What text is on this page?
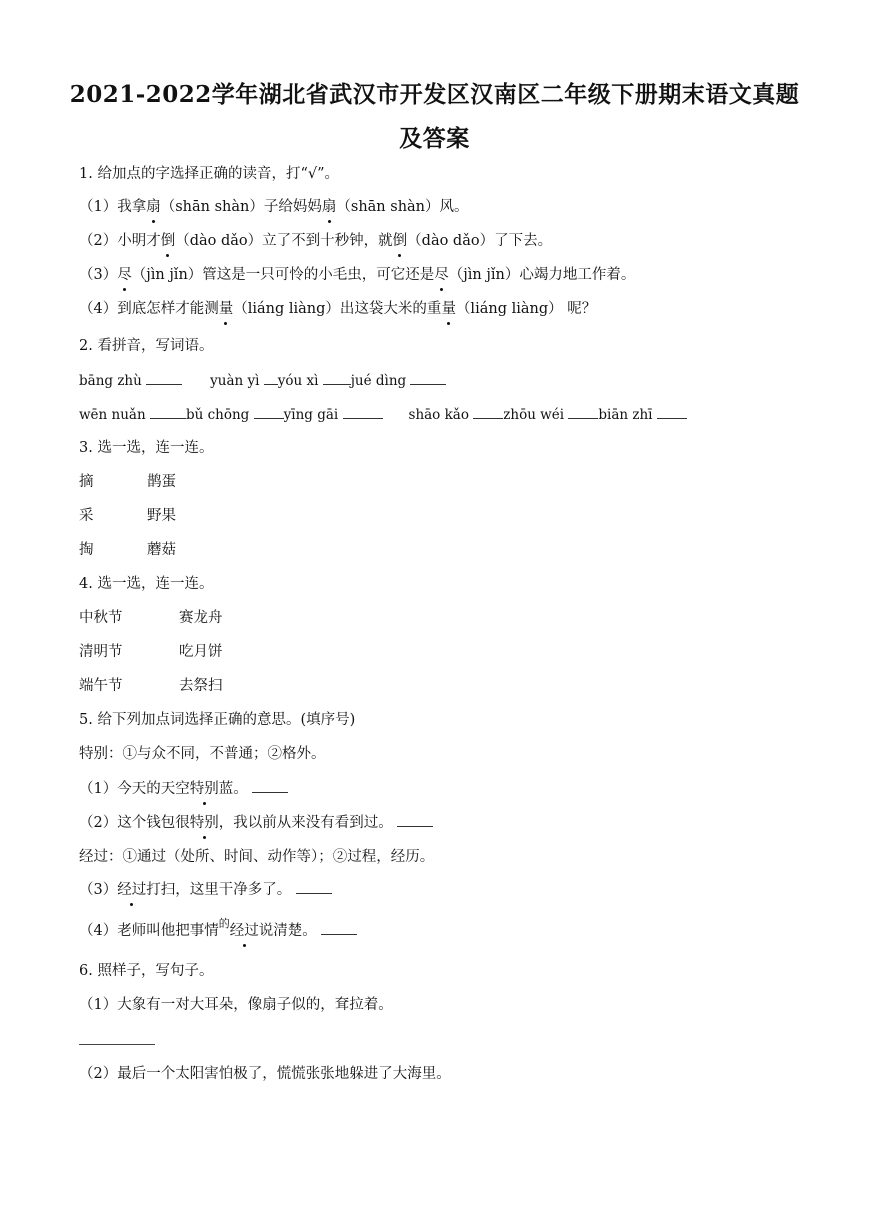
2021-2022学年湖北省武汉市开发区汉南区二年级下册期末语文真题
及答案
1. 给加点的字选择正确的读音，打“√”。
（1）我拿扇（shān shàn）子给妈妈扇（shān shàn）风。
（2）小明才倒（dào dǎo）立了不到十秒钟，就倒（dào dǎo）了下去。
（3）尽（jìn jǐn）管这是一只可怜的小毛虫，可它还是尽（jìn jǐn）心竭力地工作着。
（4）到底怎样才能测量（liáng liàng）出这袋大米的重量（liáng liàng） 呢？
2. 看拼音，写词语。
bāng zhù	yuàn yì yóu xì jué dìng
wēn nuǎn	bǔ chōng	yīng gāi	shāo kǎo	zhōu wéi	biān zhī
3. 选一选，连一连。
摘	鹊蛋
采	野果
掏	蘑菇
4. 选一选，连一连。
中秋节	赛龙舟
清明节	吃月饼
端午节	去祭扫
5. 给下列加点词选择正确的意思。(填序号)
特别：①与众不同，不普通；②格外。
（1）今天的天空特别蓝。
（2）这个钱包很特别，我以前从来没有看到过。
经过：①通过（处所、时间、动作等）；②过程，经历。
（3）经过打扫，这里干净多了。
（4）老师叫他把事情$^的$经过说清楚。
6. 照样子，写句子。
（1）大象有一对大耳朵，像扇子似的，耷拉着。
（2）最后一个太阳害怕极了，慌慌张张地躲进了大海里。
